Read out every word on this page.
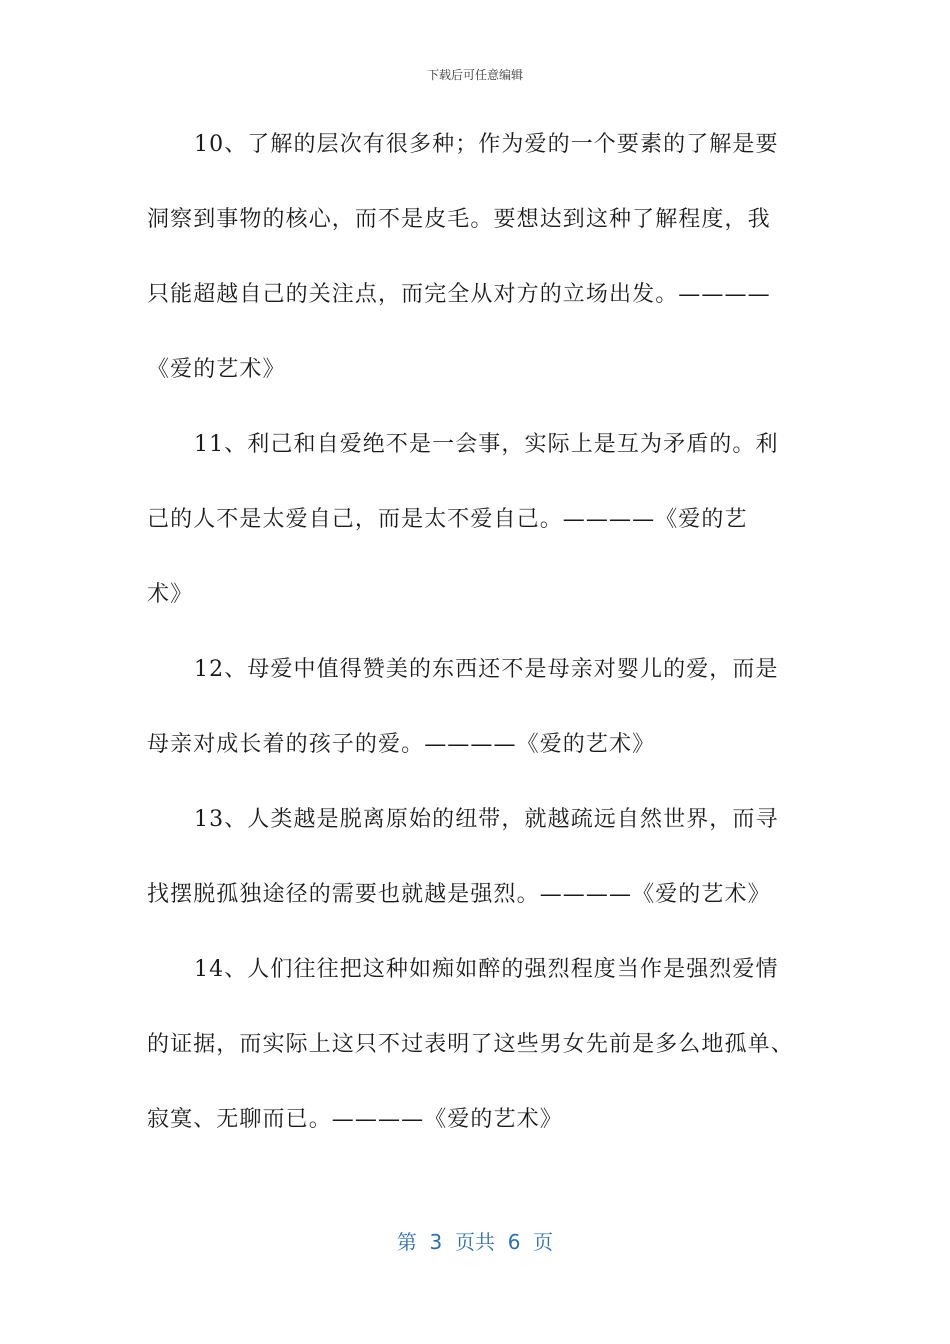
下载后可任意编辑
10、了解的层次有很多种；作为爱的一个要素的了解是要
洞察到事物的核心，而不是皮毛。要想达到这种了解程度，我
只能超越自己的关注点，而完全从对方的立场出发。————
《爱的艺术》
11、利己和自爱绝不是一会事，实际上是互为矛盾的。利
己的人不是太爱自己，而是太不爱自己。————《爱的艺
术》
12、母爱中值得赞美的东西还不是母亲对婴儿的爱，而是
母亲对成长着的孩子的爱。————《爱的艺术》
13、人类越是脱离原始的纽带，就越疏远自然世界，而寻
找摆脱孤独途径的需要也就越是强烈。————《爱的艺术》
14、人们往往把这种如痴如醉的强烈程度当作是强烈爱情
的证据，而实际上这只不过表明了这些男女先前是多么地孤单、
寂寞、无聊而已。————《爱的艺术》
第  3  页共  6  页
